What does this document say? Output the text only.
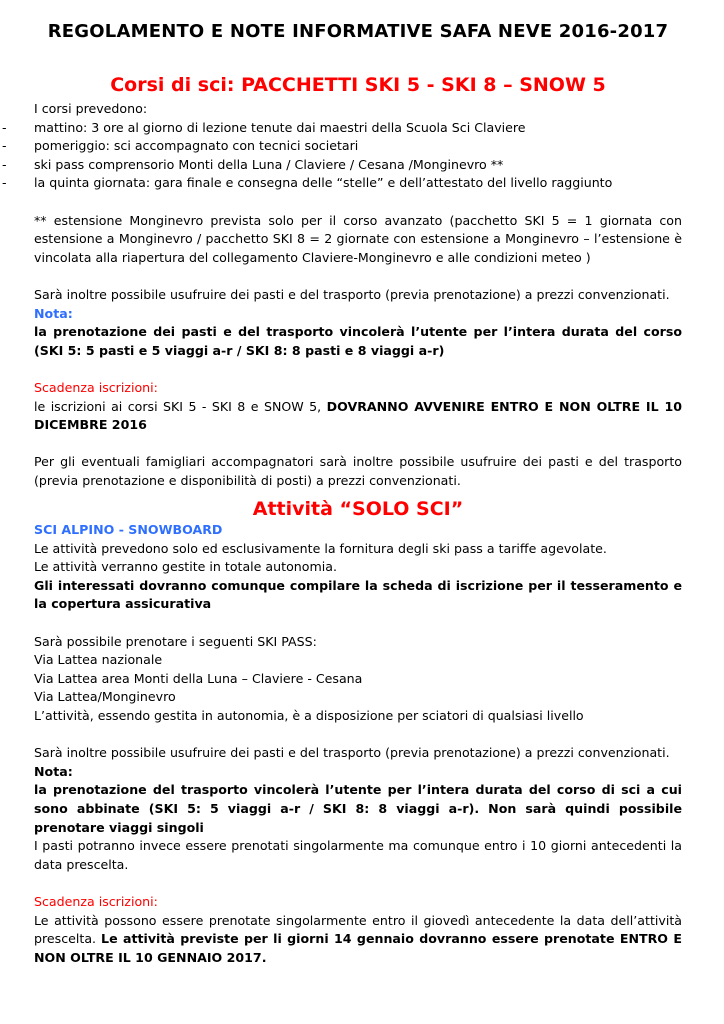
REGOLAMENTO E NOTE INFORMATIVE SAFA NEVE 2016-2017
Corsi di sci: PACCHETTI SKI 5 - SKI 8 – SNOW 5

I corsi prevedono:

-	mattino: 3 ore al giorno di lezione tenute dai maestri della Scuola Sci Claviere
-	pomeriggio: sci accompagnato con tecnici societari
-	ski pass comprensorio Monti della Luna / Claviere / Cesana /Monginevro **
-	la quinta giornata: gara finale e consegna delle “stelle” e dell’attestato del livello raggiunto

** estensione Monginevro prevista solo per il corso avanzato (pacchetto SKI 5 = 1 giornata con estensione a Monginevro / pacchetto SKI 8 = 2 giornate con estensione a Monginevro – l’estensione è vincolata alla riapertura del collegamento Claviere-Monginevro e alle condizioni meteo )

Sarà inoltre possibile usufruire dei pasti e del trasporto (previa prenotazione) a prezzi convenzionati.

Nota:

la prenotazione dei pasti e del trasporto vincolerà l’utente per l’intera durata del corso (SKI 5: 5 pasti e 5 viaggi a-r / SKI 8: 8 pasti e 8 viaggi a-r)

Scadenza iscrizioni:

le iscrizioni ai corsi SKI 5 - SKI 8 e SNOW 5, DOVRANNO AVVENIRE ENTRO E NON OLTRE IL 10 DICEMBRE 2016

Per gli eventuali famigliari accompagnatori sarà inoltre possibile usufruire dei pasti e del trasporto (previa prenotazione e disponibilità di posti) a prezzi convenzionati.

Attività “SOLO SCI”

SCI ALPINO - SNOWBOARD

Le attività prevedono solo ed esclusivamente la fornitura degli ski pass a tariffe agevolate.

Le attività verranno gestite in totale autonomia.

Gli interessati dovranno comunque compilare la scheda di iscrizione per il tesseramento e la copertura assicurativa

Sarà possibile prenotare i seguenti SKI PASS:

Via Lattea nazionale

Via Lattea area Monti della Luna – Claviere - Cesana

Via Lattea/Monginevro

L’attività, essendo gestita in autonomia, è a disposizione per sciatori di qualsiasi livello

Sarà inoltre possibile usufruire dei pasti e del trasporto (previa prenotazione) a prezzi convenzionati.

Nota:

la prenotazione del trasporto vincolerà l’utente per l’intera durata del corso di sci a cui sono abbinate (SKI 5: 5 viaggi a-r / SKI 8: 8 viaggi a-r). Non sarà quindi possibile prenotare viaggi singoli

I pasti potranno invece essere prenotati singolarmente ma comunque entro i 10 giorni antecedenti la data prescelta.

Scadenza iscrizioni:

Le attività possono essere prenotate singolarmente entro il giovedì antecedente la data dell’attività prescelta. Le attività previste per li giorni 14 gennaio dovranno essere prenotate ENTRO E NON OLTRE IL 10 GENNAIO 2017.
